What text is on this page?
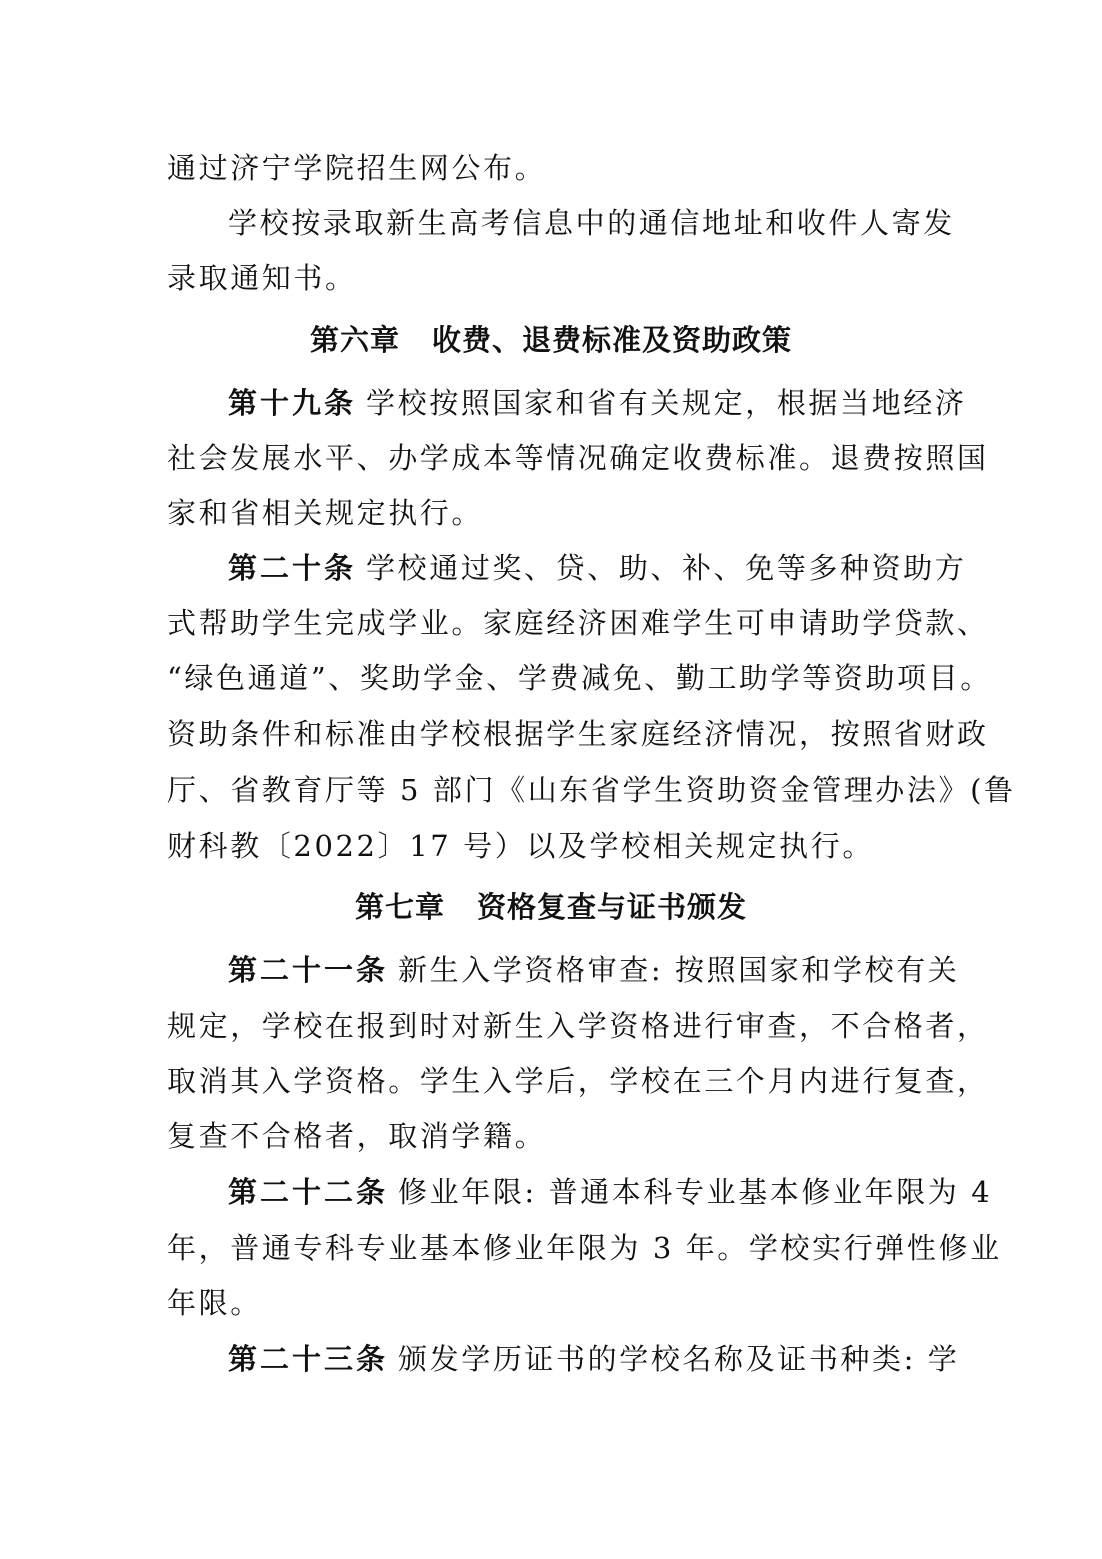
通过济宁学院招生网公布。
学校按录取新生高考信息中的通信地址和收件人寄发
录取通知书。
第六章 收费、退费标准及资助政策
第十九条 学校按照国家和省有关规定，根据当地经济
社会发展水平、办学成本等情况确定收费标准。退费按照国
家和省相关规定执行。
第二十条 学校通过奖、贷、助、补、免等多种资助方
式帮助学生完成学业。家庭经济困难学生可申请助学贷款、
“绿色通道”、奖助学金、学费减免、勤工助学等资助项目。
资助条件和标准由学校根据学生家庭经济情况，按照省财政
厅、省教育厅等 5 部门《山东省学生资助资金管理办法》(鲁
财科教〔2022〕17 号）以及学校相关规定执行。
第七章 资格复查与证书颁发
第二十一条 新生入学资格审查: 按照国家和学校有关
规定，学校在报到时对新生入学资格进行审查，不合格者，
取消其入学资格。学生入学后，学校在三个月内进行复查，
复查不合格者，取消学籍。
第二十二条 修业年限: 普通本科专业基本修业年限为 4
年，普通专科专业基本修业年限为 3 年。学校实行弹性修业
年限。
第二十三条 颁发学历证书的学校名称及证书种类: 学
